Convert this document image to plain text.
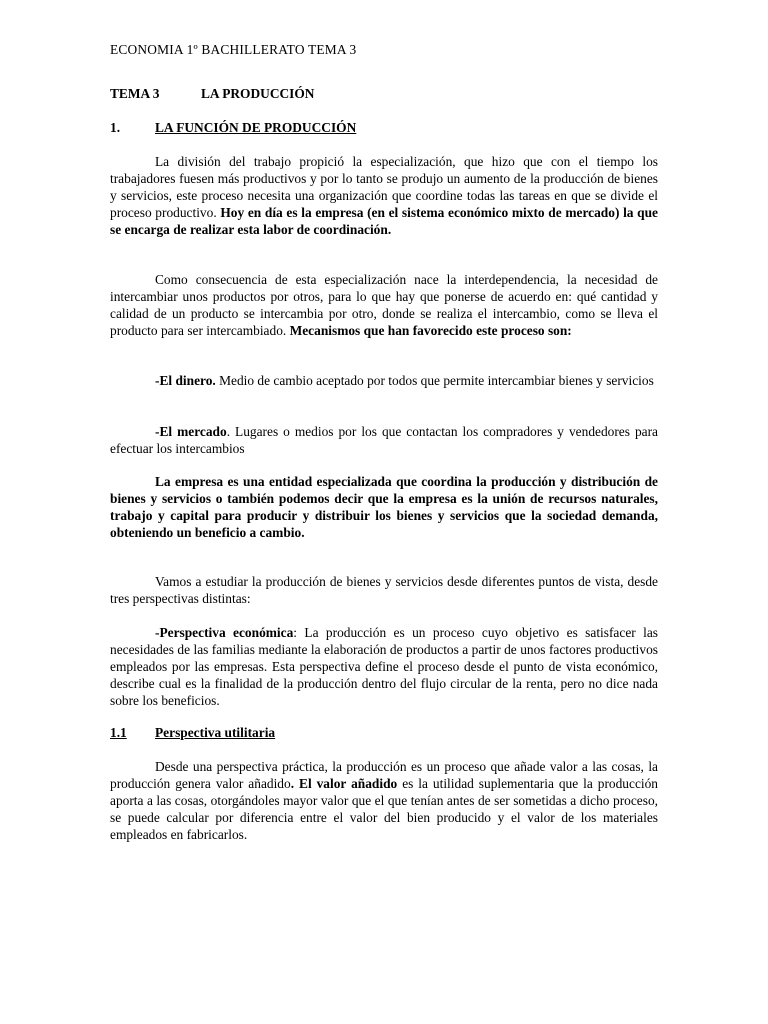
ECONOMIA 1º BACHILLERATO TEMA 3
TEMA 3	LA PRODUCCIÓN
1.	LA FUNCIÓN DE PRODUCCIÓN

La división del trabajo propició la especialización, que hizo que con el tiempo los trabajadores fuesen más productivos y por lo tanto se produjo un aumento de la producción de bienes y servicios, este proceso necesita una organización que coordine todas las tareas en que se divide el proceso productivo. Hoy en día es la empresa (en el sistema económico mixto de mercado) la que se encarga de realizar esta labor de coordinación.

Como consecuencia de esta especialización nace la interdependencia, la necesidad de intercambiar unos productos por otros, para lo que hay que ponerse de acuerdo en: qué cantidad y calidad de un producto se intercambia por otro, donde se realiza el intercambio, como se lleva el producto para ser intercambiado. Mecanismos que han favorecido este proceso son:

-El dinero. Medio de cambio aceptado por todos que permite intercambiar bienes y servicios

-El mercado. Lugares o medios por los que contactan los compradores y vendedores para efectuar los intercambios

La empresa es una entidad especializada que coordina la producción y distribución de bienes y servicios o también podemos decir que la empresa es la unión de recursos naturales, trabajo y capital para producir y distribuir los bienes y servicios que la sociedad demanda, obteniendo un beneficio a cambio.

Vamos a estudiar la producción de bienes y servicios desde diferentes puntos de vista, desde tres perspectivas distintas:

-Perspectiva económica: La producción es un proceso cuyo objetivo es satisfacer las necesidades de las familias mediante la elaboración de productos a partir de unos factores productivos empleados por las empresas. Esta perspectiva define el proceso desde el punto de vista económico, describe cual es la finalidad de la producción dentro del flujo circular de la renta, pero no dice nada sobre los beneficios.

1.1 Perspectiva utilitaria

Desde una perspectiva práctica, la producción es un proceso que añade valor a las cosas, la producción genera valor añadido. El valor añadido es la utilidad suplementaria que la producción aporta a las cosas, otorgándoles mayor valor que el que tenían antes de ser sometidas a dicho proceso, se puede calcular por diferencia entre el valor del bien producido y el valor de los materiales empleados en fabricarlos.
